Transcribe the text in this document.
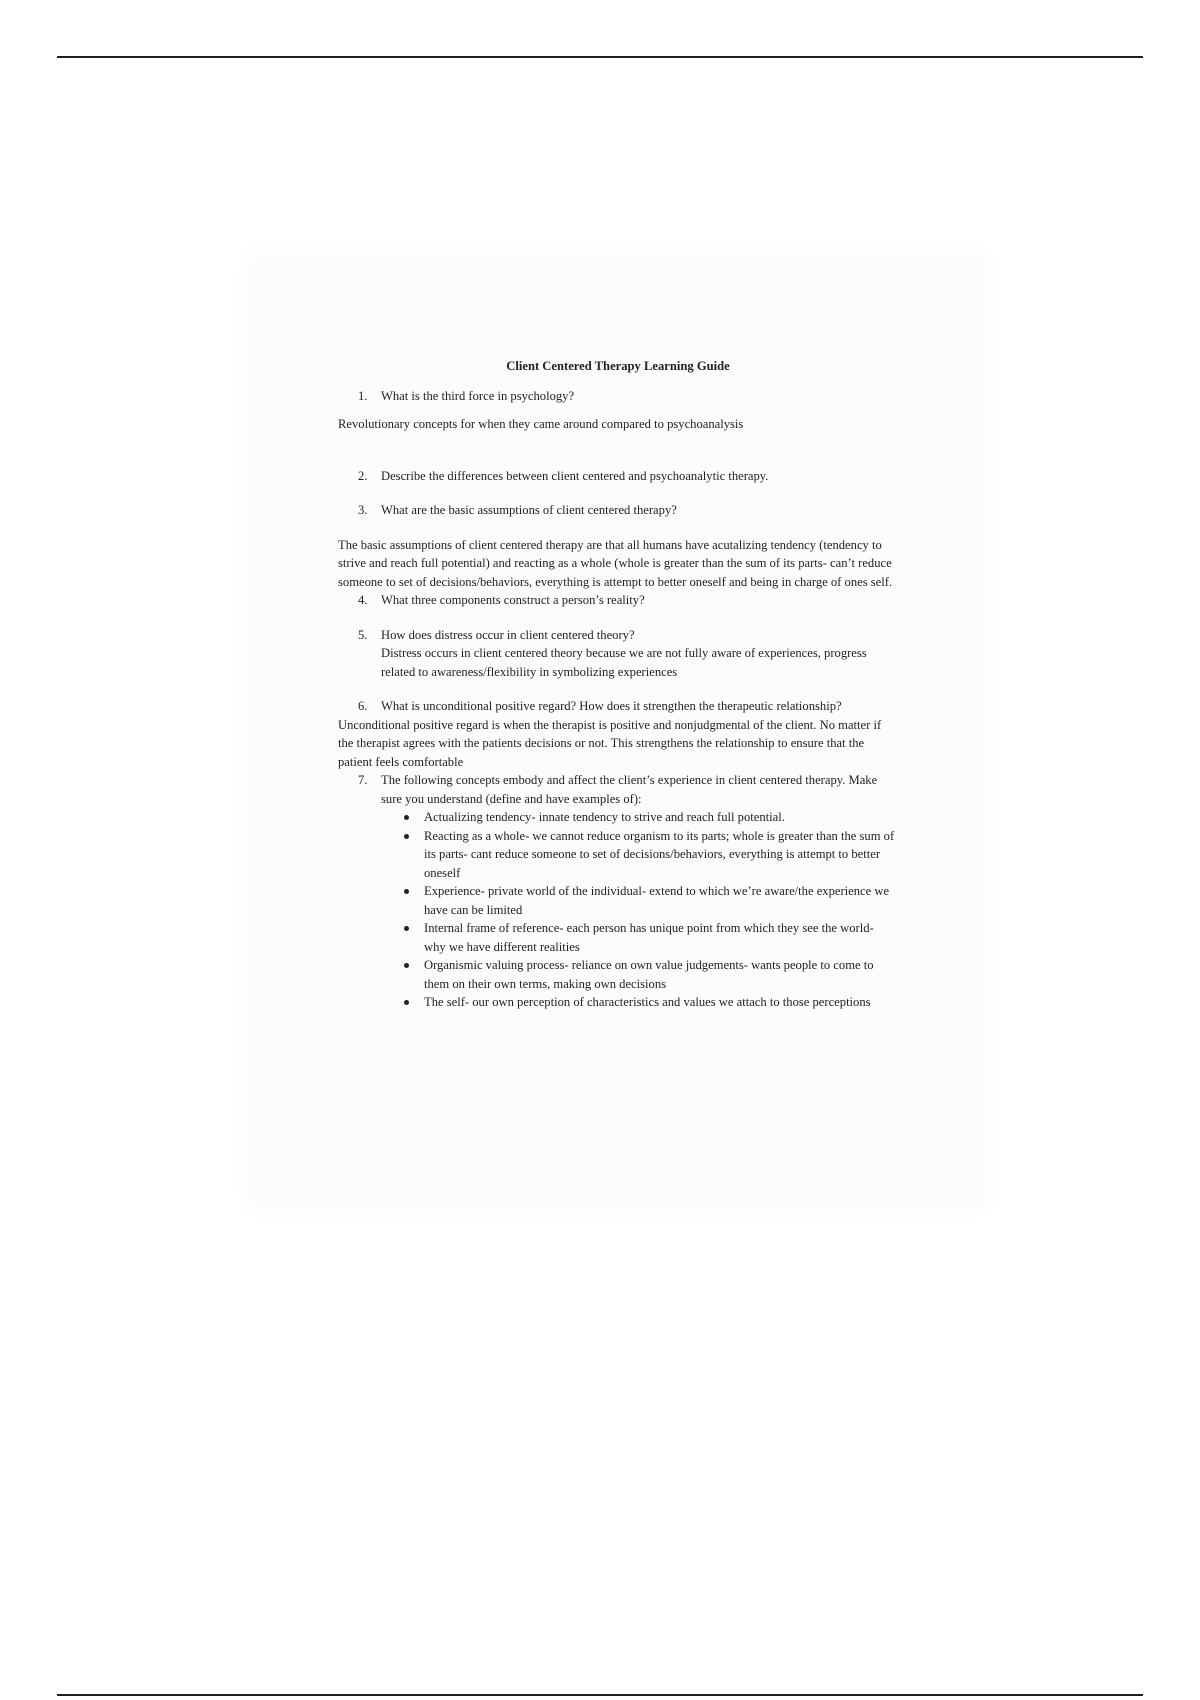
Client Centered Therapy Learning Guide

1. What is the third force in psychology?

Revolutionary concepts for when they came around compared to psychoanalysis

2. Describe the differences between client centered and psychoanalytic therapy.

3. What are the basic assumptions of client centered therapy?

The basic assumptions of client centered therapy are that all humans have acutalizing tendency (tendency to strive and reach full potential) and reacting as a whole (whole is greater than the sum of its parts- can’t reduce someone to set of decisions/behaviors, everything is attempt to better oneself and being in charge of ones self.

4. What three components construct a person’s reality?

5. How does distress occur in client centered theory?

Distress occurs in client centered theory because we are not fully aware of experiences, progress related to awareness/flexibility in symbolizing experiences

6. What is unconditional positive regard? How does it strengthen the therapeutic relationship?

Unconditional positive regard is when the therapist is positive and nonjudgmental of the client. No matter if the therapist agrees with the patients decisions or not. This strengthens the relationship to ensure that the patient feels comfortable

7. The following concepts embody and affect the client’s experience in client centered therapy. Make sure you understand (define and have examples of):

Actualizing tendency- innate tendency to strive and reach full potential.
Reacting as a whole- we cannot reduce organism to its parts; whole is greater than the sum of its parts- cant reduce someone to set of decisions/behaviors, everything is attempt to better oneself
Experience- private world of the individual- extend to which we’re aware/the experience we have can be limited
Internal frame of reference- each person has unique point from which they see the world- why we have different realities
Organismic valuing process- reliance on own value judgements- wants people to come to them on their own terms, making own decisions
The self- our own perception of characteristics and values we attach to those perceptions
